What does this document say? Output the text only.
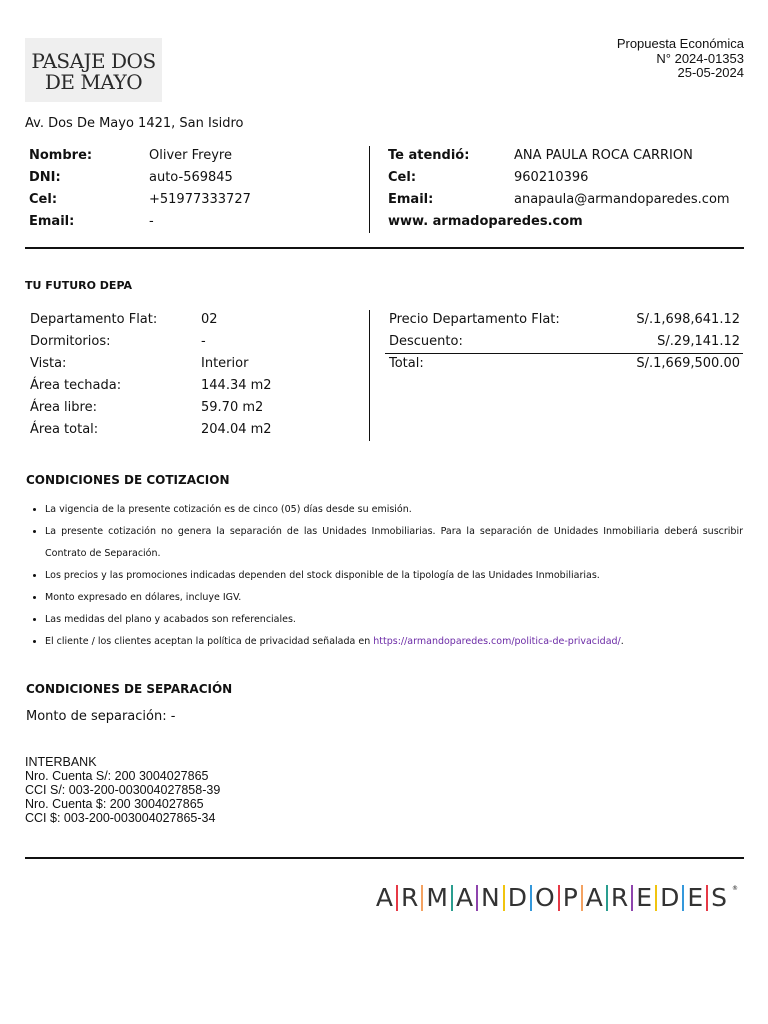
PASAJE DOS
DE MAYO
Propuesta Económica
N° 2024-01353
25-05-2024
Av. Dos De Mayo 1421, San Isidro
Nombre:	Oliver Freyre
DNI:	auto-569845
Cel:	+51977333727
Email:	-
Te atendió:	ANA PAULA ROCA CARRION
Cel:	960210396
Email:	anapaula@armandoparedes.com
www. armadoparedes.com
TU FUTURO DEPA
Departamento Flat:	02
Dormitorios:	-
Vista:	Interior
Área techada:	144.34 m2
Área libre:	59.70 m2
Área total:	204.04 m2
Precio Departamento Flat:	S/.1,698,641.12
Descuento:	S/.29,141.12
Total:	S/.1,669,500.00
CONDICIONES DE COTIZACION
• La vigencia de la presente cotización es de cinco (05) días desde su emisión.
• La presente cotización no genera la separación de las Unidades Inmobiliarias. Para la separación de Unidades Inmobiliaria deberá suscribir Contrato de Separación.
• Los precios y las promociones indicadas dependen del stock disponible de la tipología de las Unidades Inmobiliarias.
• Monto expresado en dólares, incluye IGV.
• Las medidas del plano y acabados son referenciales.
• El cliente / los clientes aceptan la política de privacidad señalada en https://armandoparedes.com/politica-de-privacidad/.
CONDICIONES DE SEPARACIÓN
Monto de separación: -
INTERBANK
Nro. Cuenta S/: 200 3004027865
CCI S/: 003-200-003004027858-39
Nro. Cuenta $: 200 3004027865
CCI $: 003-200-003004027865-34
A R M A N D O P A R E D E S ®
